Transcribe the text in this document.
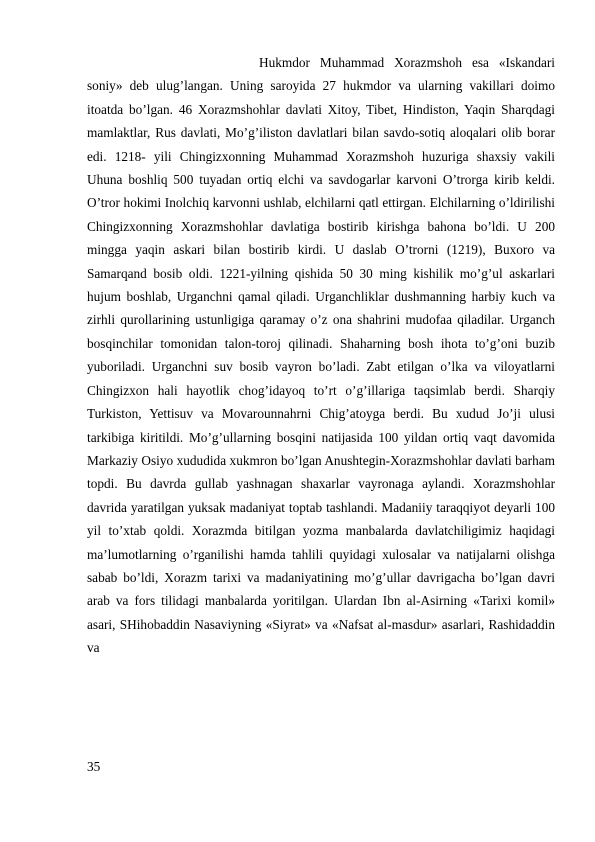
Hukmdor Muhammad Xorazmshoh esa «Iskandari soniy» deb ulug’langan. Uning saroyida 27 hukmdor va ularning vakillari doimo itoatda bo’lgan. 46 Xorazmshohlar davlati Xitoy, Tibet, Hindiston, Yaqin Sharqdagi mamlaktlar, Rus davlati, Mo’g’iliston davlatlari bilan savdo-sotiq aloqalari olib borar edi. 1218- yili Chingizxonning Muhammad Xorazmshoh huzuriga shaxsiy vakili Uhuna boshliq 500 tuyadan ortiq elchi va savdogarlar karvoni O’trorga kirib keldi. O’tror hokimi Inolchiq karvonni ushlab, elchilarni qatl ettirgan. Elchilarning o’ldirilishi Chingizxonning Xorazmshohlar davlatiga bostirib kirishga bahona bo’ldi. U 200 mingga yaqin askari bilan bostirib kirdi. U daslab O’trorni (1219), Buxoro va Samarqand bosib oldi. 1221-yilning qishida 50 30 ming kishilik mo’g’ul askarlari hujum boshlab, Urganchni qamal qiladi. Urganchliklar dushmanning harbiy kuch va zirhli qurollarining ustunligiga qaramay o’z ona shahrini mudofaa qiladilar. Urganch bosqinchilar tomonidan talon-toroj qilinadi. Shaharning bosh ihota to’g’oni buzib yuboriladi. Urganchni suv bosib vayron bo’ladi. Zabt etilgan o’lka va viloyatlarni Chingizxon hali hayotlik chog’idayoq to’rt o’g’illariga taqsimlab berdi. Sharqiy Turkiston, Yettisuv va Movarounnahrni Chig’atoyga berdi. Bu xudud Jo’ji ulusi tarkibiga kiritildi. Mo’g’ullarning bosqini natijasida 100 yildan ortiq vaqt davomida Markaziy Osiyo xududida xukmron bo’lgan Anushtegin-Xorazmshohlar davlati barham topdi. Bu davrda gullab yashnagan shaxarlar vayronaga aylandi. Xorazmshohlar davrida yaratilgan yuksak madaniyat toptab tashlandi. Madaniiy taraqqiyot deyarli 100 yil to’xtab qoldi. Xorazmda bitilgan yozma manbalarda davlatchiligimiz haqidagi ma’lumotlarning o’rganilishi hamda tahlili quyidagi xulosalar va natijalarni olishga sabab bo’ldi, Xorazm tarixi va madaniyatining mo’g’ullar davrigacha bo’lgan davri arab va fors tilidagi manbalarda yoritilgan. Ulardan Ibn al-Asirning «Tarixi komil» asari, SHihobaddin Nasaviyning «Siyrat» va «Nafsat al-masdur» asarlari, Rashidaddin va

35
